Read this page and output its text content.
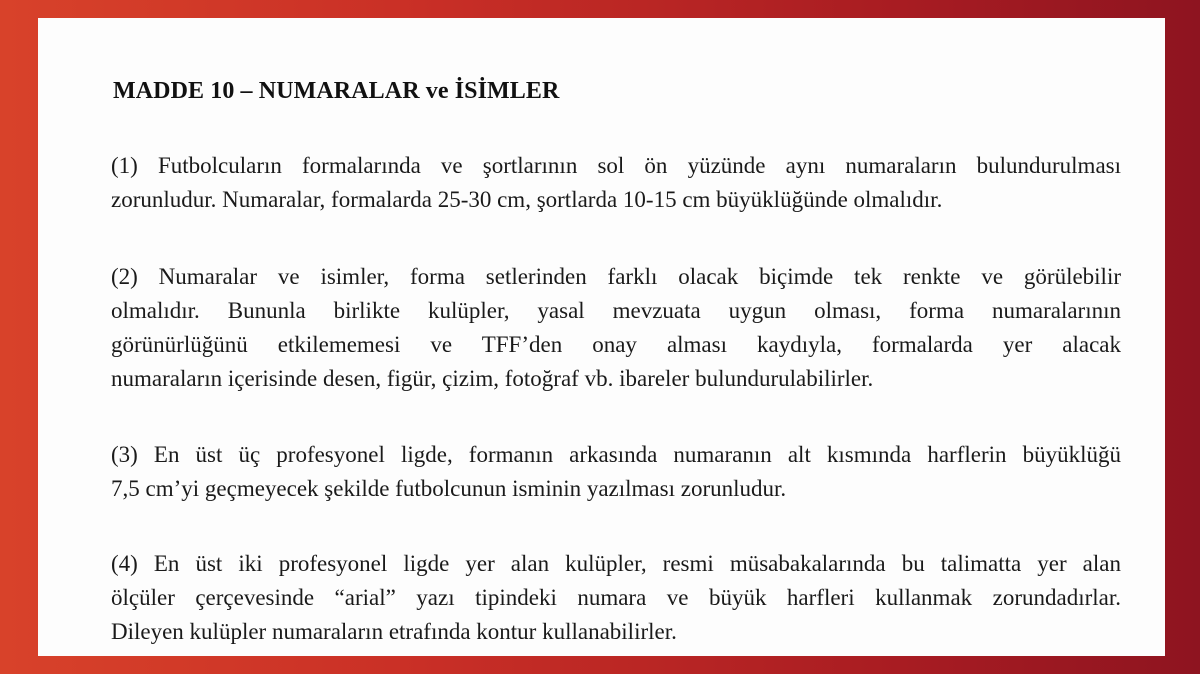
MADDE 10 – NUMARALAR ve İSİMLER

(1) Futbolcuların formalarında ve şortlarının sol ön yüzünde aynı numaraların bulundurulması
zorunludur. Numaralar, formalarda 25-30 cm, şortlarda 10-15 cm büyüklüğünde olmalıdır.

(2) Numaralar ve isimler, forma setlerinden farklı olacak biçimde tek renkte ve görülebilir
olmalıdır. Bununla birlikte kulüpler, yasal mevzuata uygun olması, forma numaralarının
görünürlüğünü etkilememesi ve TFF’den onay alması kaydıyla, formalarda yer alacak
numaraların içerisinde desen, figür, çizim, fotoğraf vb. ibareler bulundurulabilirler.

(3) En üst üç profesyonel ligde, formanın arkasında numaranın alt kısmında harflerin büyüklüğü
7,5 cm’yi geçmeyecek şekilde futbolcunun isminin yazılması zorunludur.

(4) En üst iki profesyonel ligde yer alan kulüpler, resmi müsabakalarında bu talimatta yer alan
ölçüler çerçevesinde “arial” yazı tipindeki numara ve büyük harfleri kullanmak zorundadırlar.
Dileyen kulüpler numaraların etrafında kontur kullanabilirler.
